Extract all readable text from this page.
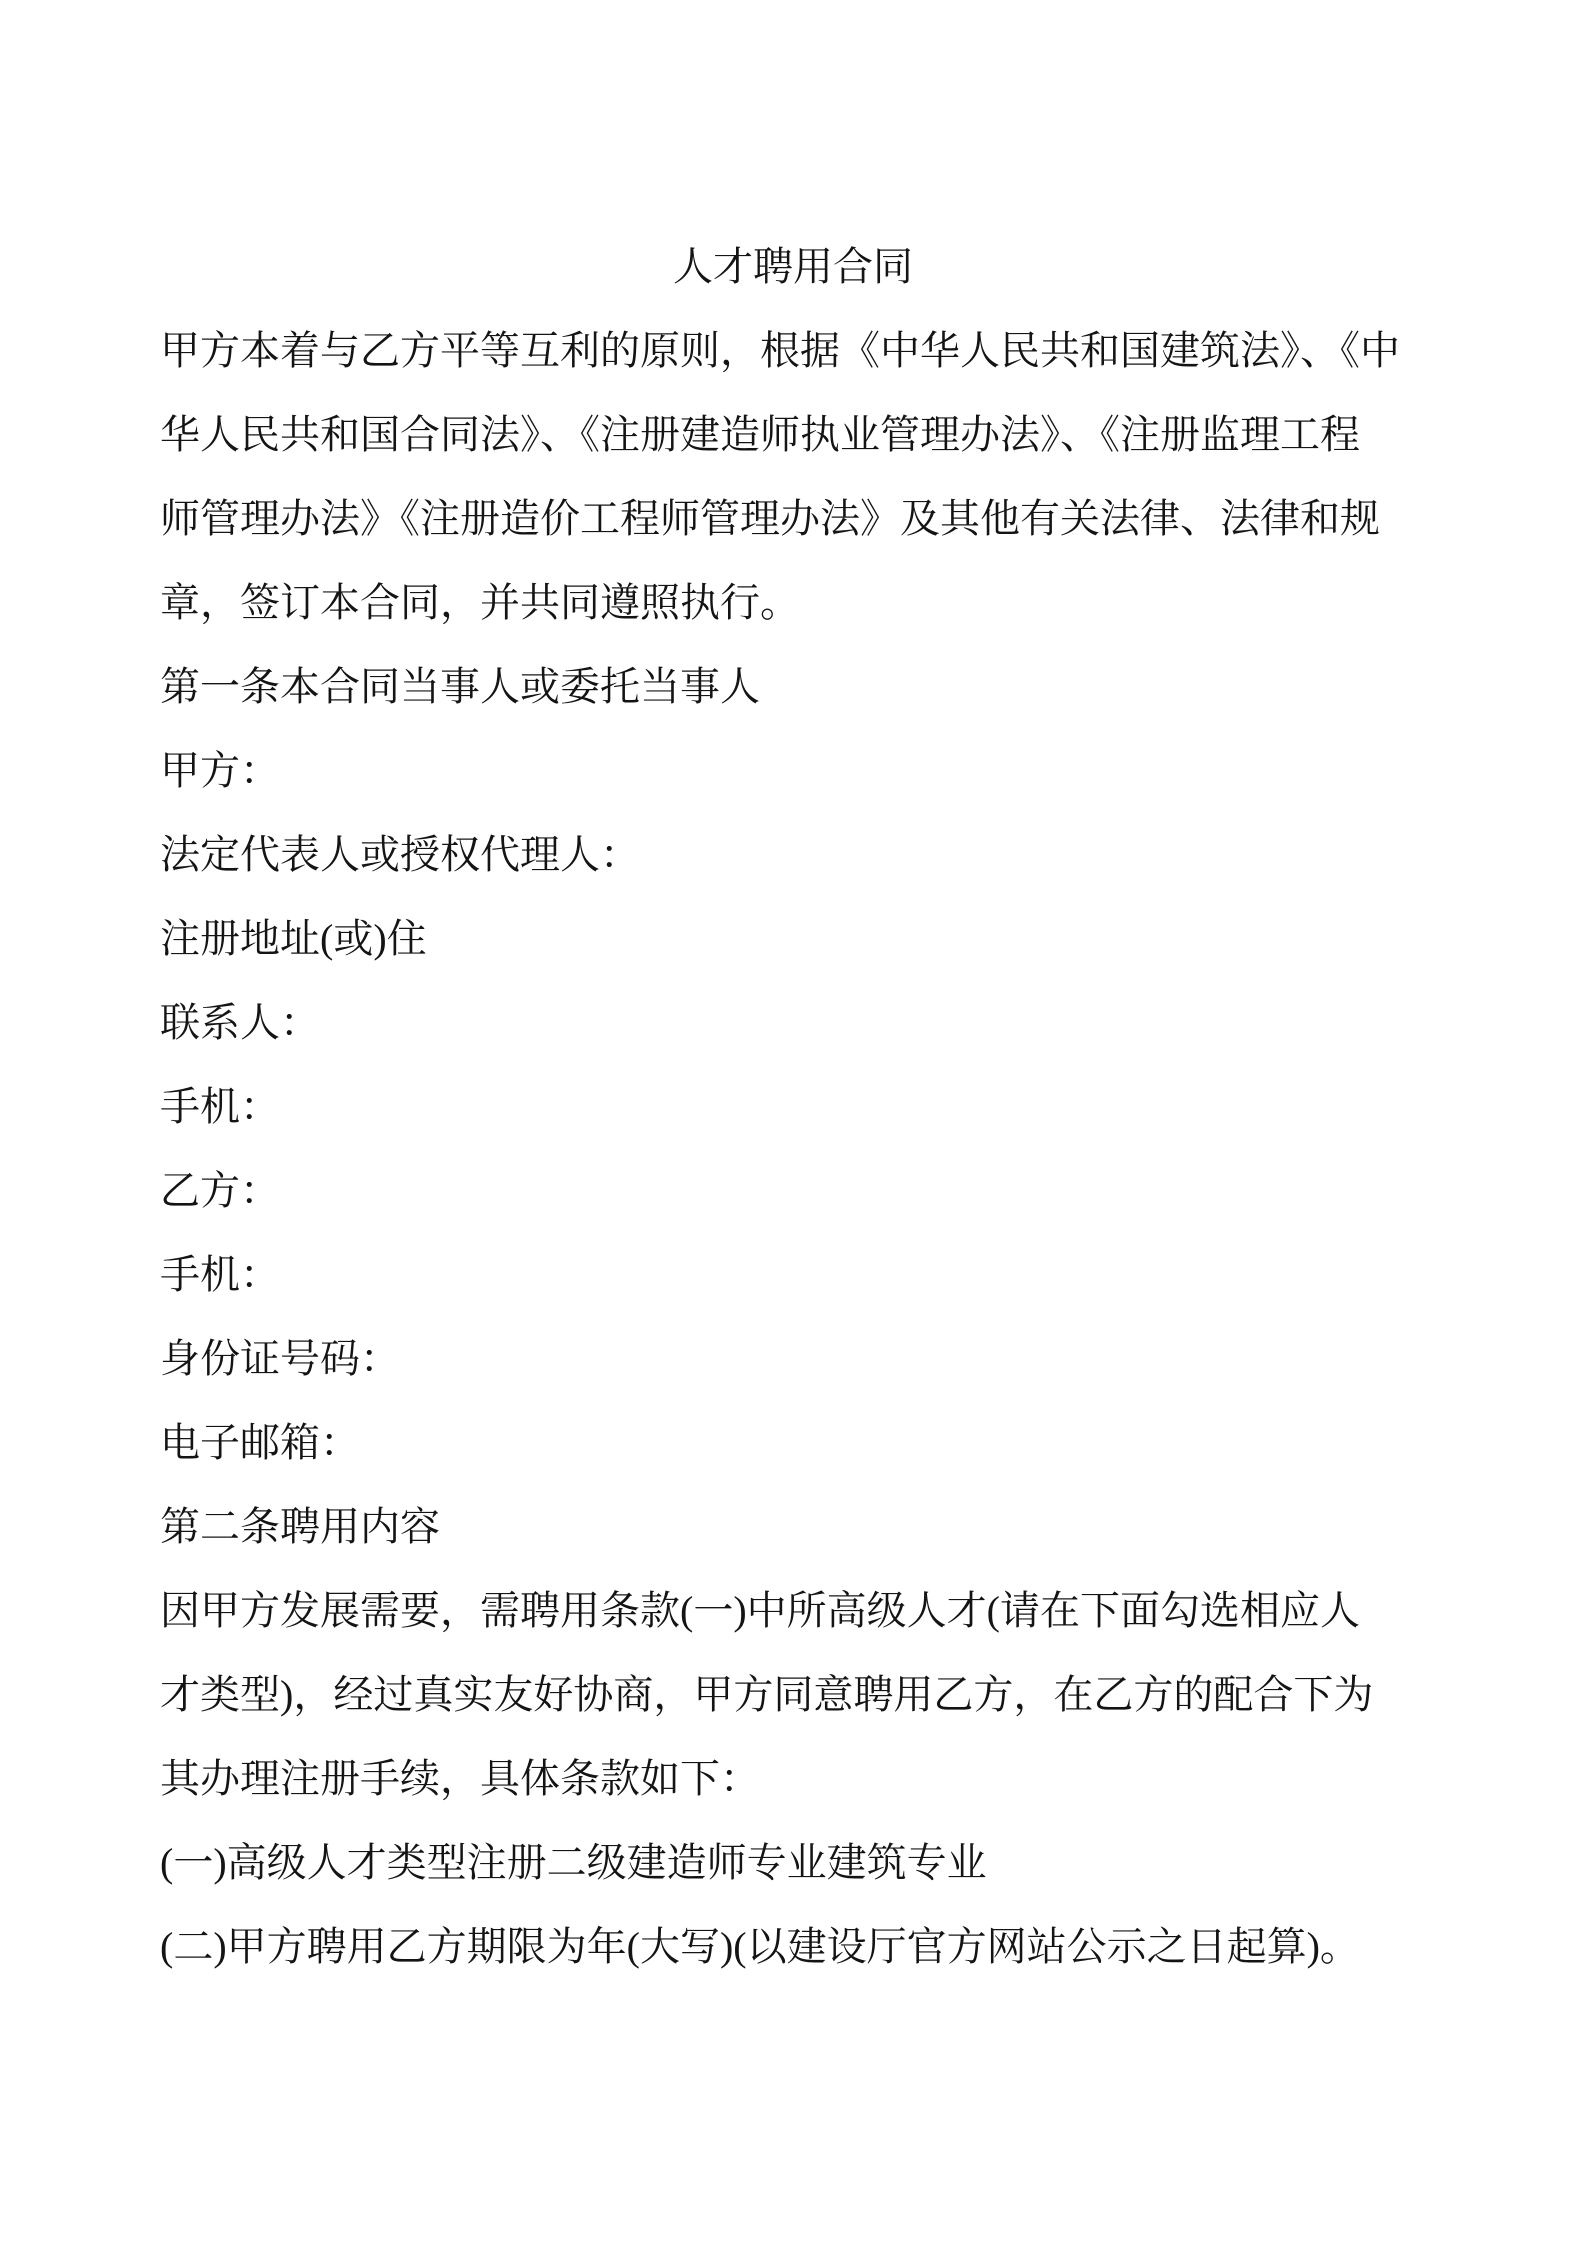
人才聘用合同
甲方本着与乙方平等互利的原则，根据《中华人民共和国建筑法》、《中
华人民共和国合同法》、《注册建造师执业管理办法》、《注册监理工程
师管理办法》《注册造价工程师管理办法》及其他有关法律、法律和规
章，签订本合同，并共同遵照执行。
第一条本合同当事人或委托当事人
甲方：
法定代表人或授权代理人：
注册地址(或)住
联系人：
手机：
乙方：
手机：
身份证号码：
电子邮箱：
第二条聘用内容
因甲方发展需要，需聘用条款(一)中所高级人才(请在下面勾选相应人
才类型)，经过真实友好协商，甲方同意聘用乙方，在乙方的配合下为
其办理注册手续，具体条款如下：
(一)高级人才类型注册二级建造师专业建筑专业
(二)甲方聘用乙方期限为年(大写)(以建设厅官方网站公示之日起算)。
